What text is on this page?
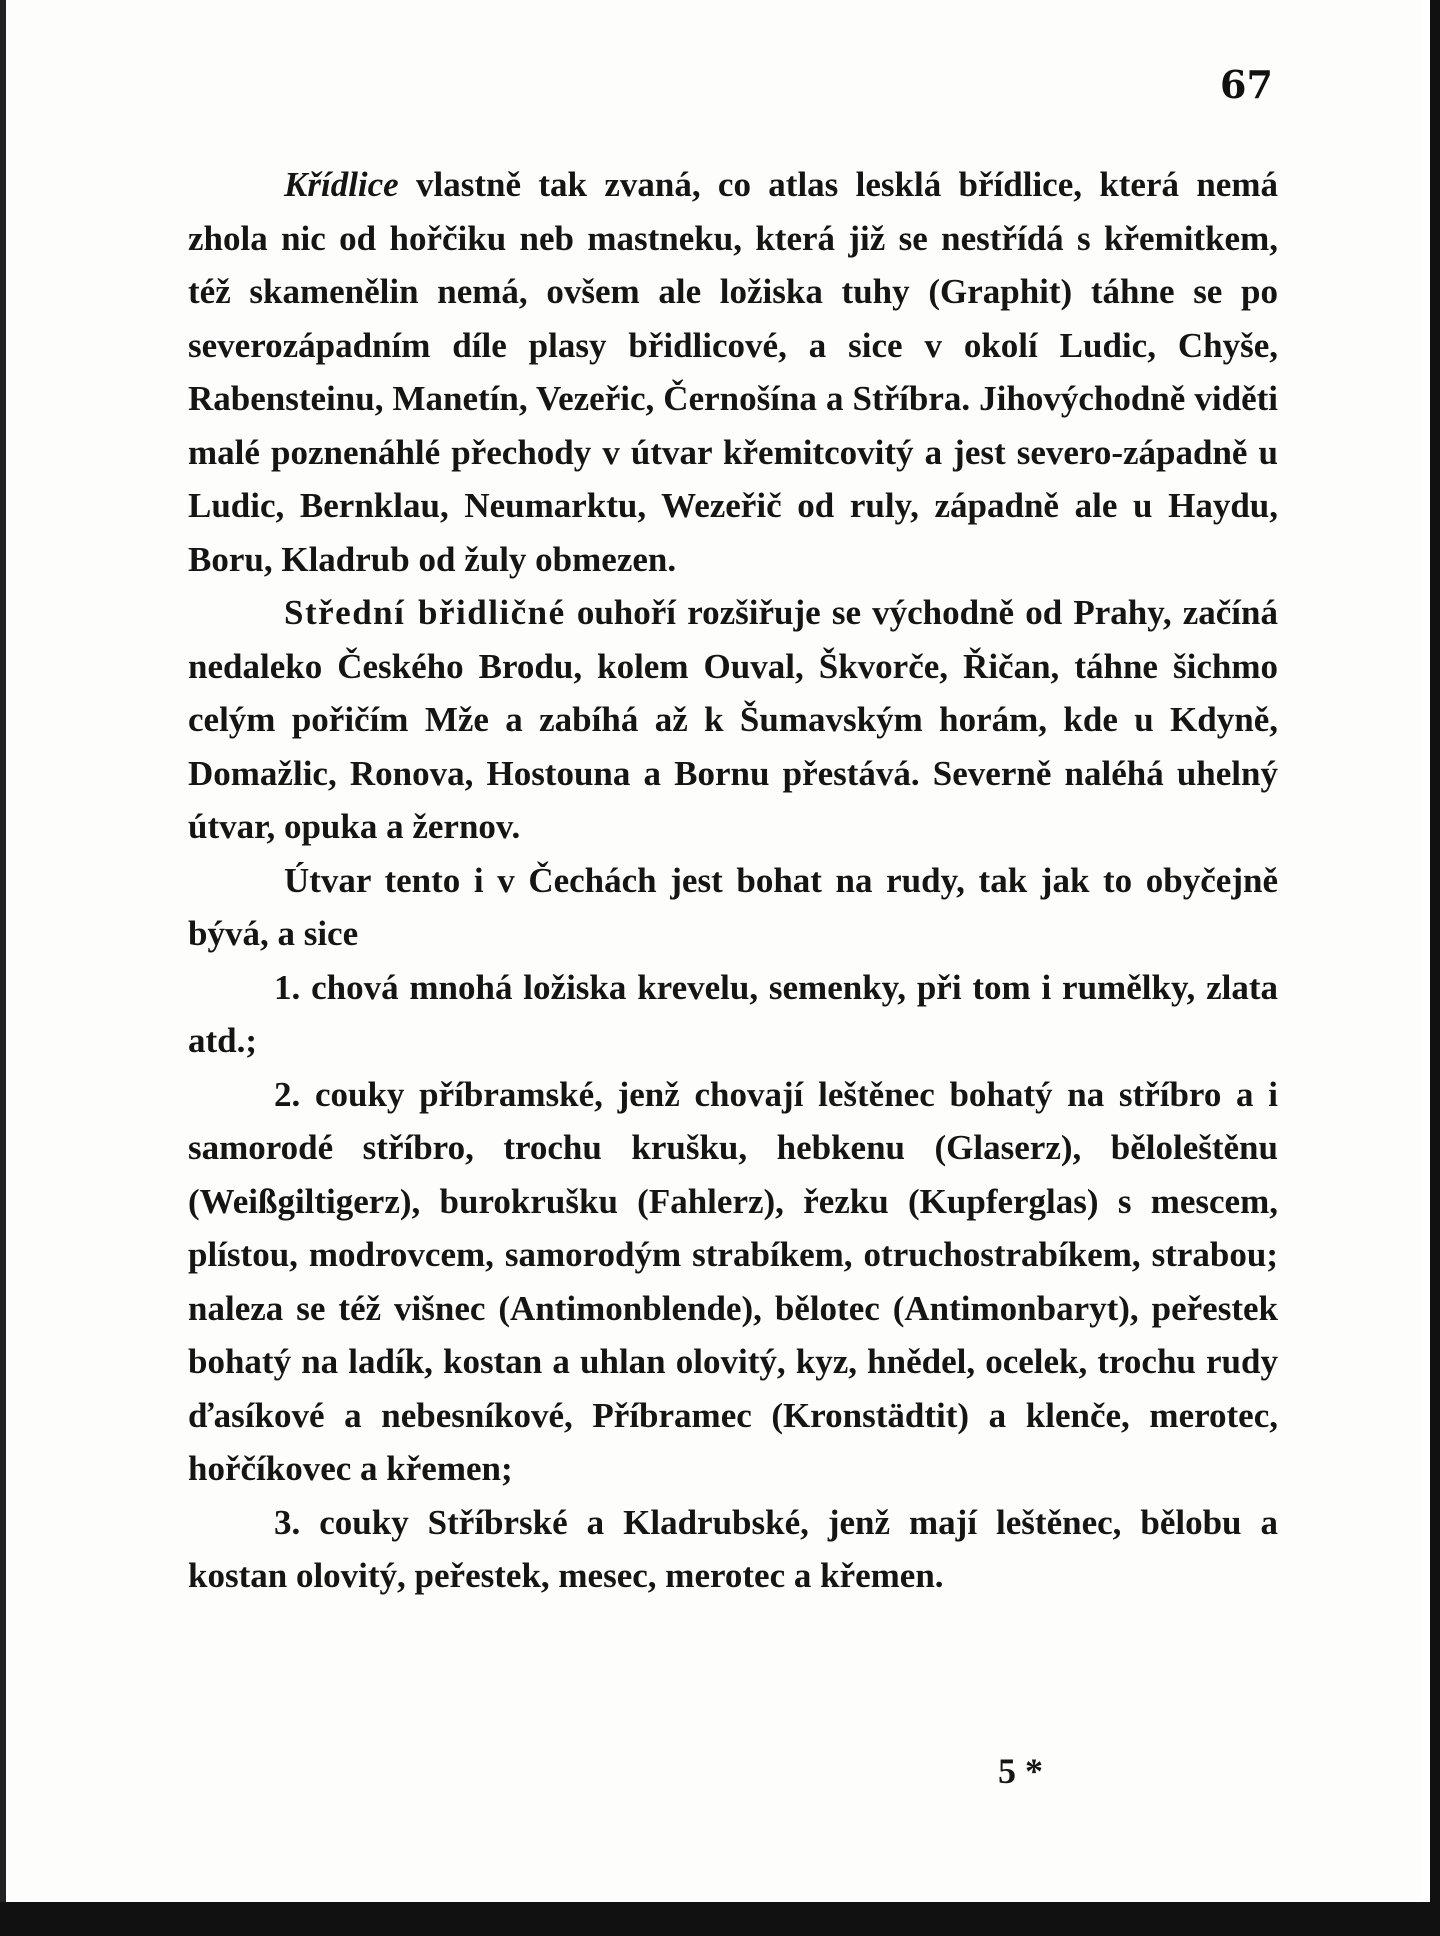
67

Křídlice vlastně tak zvaná, co atlas lesklá břídlice, která nemá zhola nic od hořčiku neb mastneku, která již se nestřídá s křemitkem, též skamenělin nemá, ovšem ale ložiska tuhy (Graphit) táhne se po severozápadním díle plasy břidlicové, a sice v okolí Ludic, Chyše, Rabensteinu, Manetín, Vezeřic, Černošína a Stříbra. Jihovýchodně viděti malé poznenáhlé přechody v útvar křemitcovitý a jest severo-západně u Ludic, Bernklau, Neumarktu, Wezeřič od ruly, západně ale u Haydu, Boru, Kladrub od žuly obmezen.

Střední břidličné ouhoří rozšiřuje se východně od Prahy, začíná nedaleko Českého Brodu, kolem Ouval, Škvorče, Řičan, táhne šichmo celým pořičím Mže a zabíhá až k Šumavským horám, kde u Kdyně, Domažlic, Ronova, Hostouna a Bornu přestává. Severně naléhá uhelný útvar, opuka a žernov.

Útvar tento i v Čechách jest bohat na rudy, tak jak to obyčejně bývá, a sice

1. chová mnohá ložiska krevelu, semenky, při tom i rumělky, zlata atd.;

2. couky příbramské, jenž chovají leštěnec bohatý na stříbro a i samorodé stříbro, trochu krušku, hebkenu (Glaserz), běloleštěnu (Weißgiltigerz), burokrušku (Fahlerz), řezku (Kupferglas) s mescem, plístou, modrovcem, samorodým strabíkem, otruchostrabíkem, strabou; naleza se též višnec (Antimonblende), bělotec (Antimonbaryt), peřestek bohatý na ladík, kostan a uhlan olovitý, kyz, hnědel, ocelek, trochu rudy ďasíkové a nebesníkové, Příbramec (Kronstädtit) a klenče, merotec, hořčíkovec a křemen;

3. couky Stříbrské a Kladrubské, jenž mají leštěnec, bělobu a kostan olovitý, peřestek, mesec, merotec a křemen.

5 *
